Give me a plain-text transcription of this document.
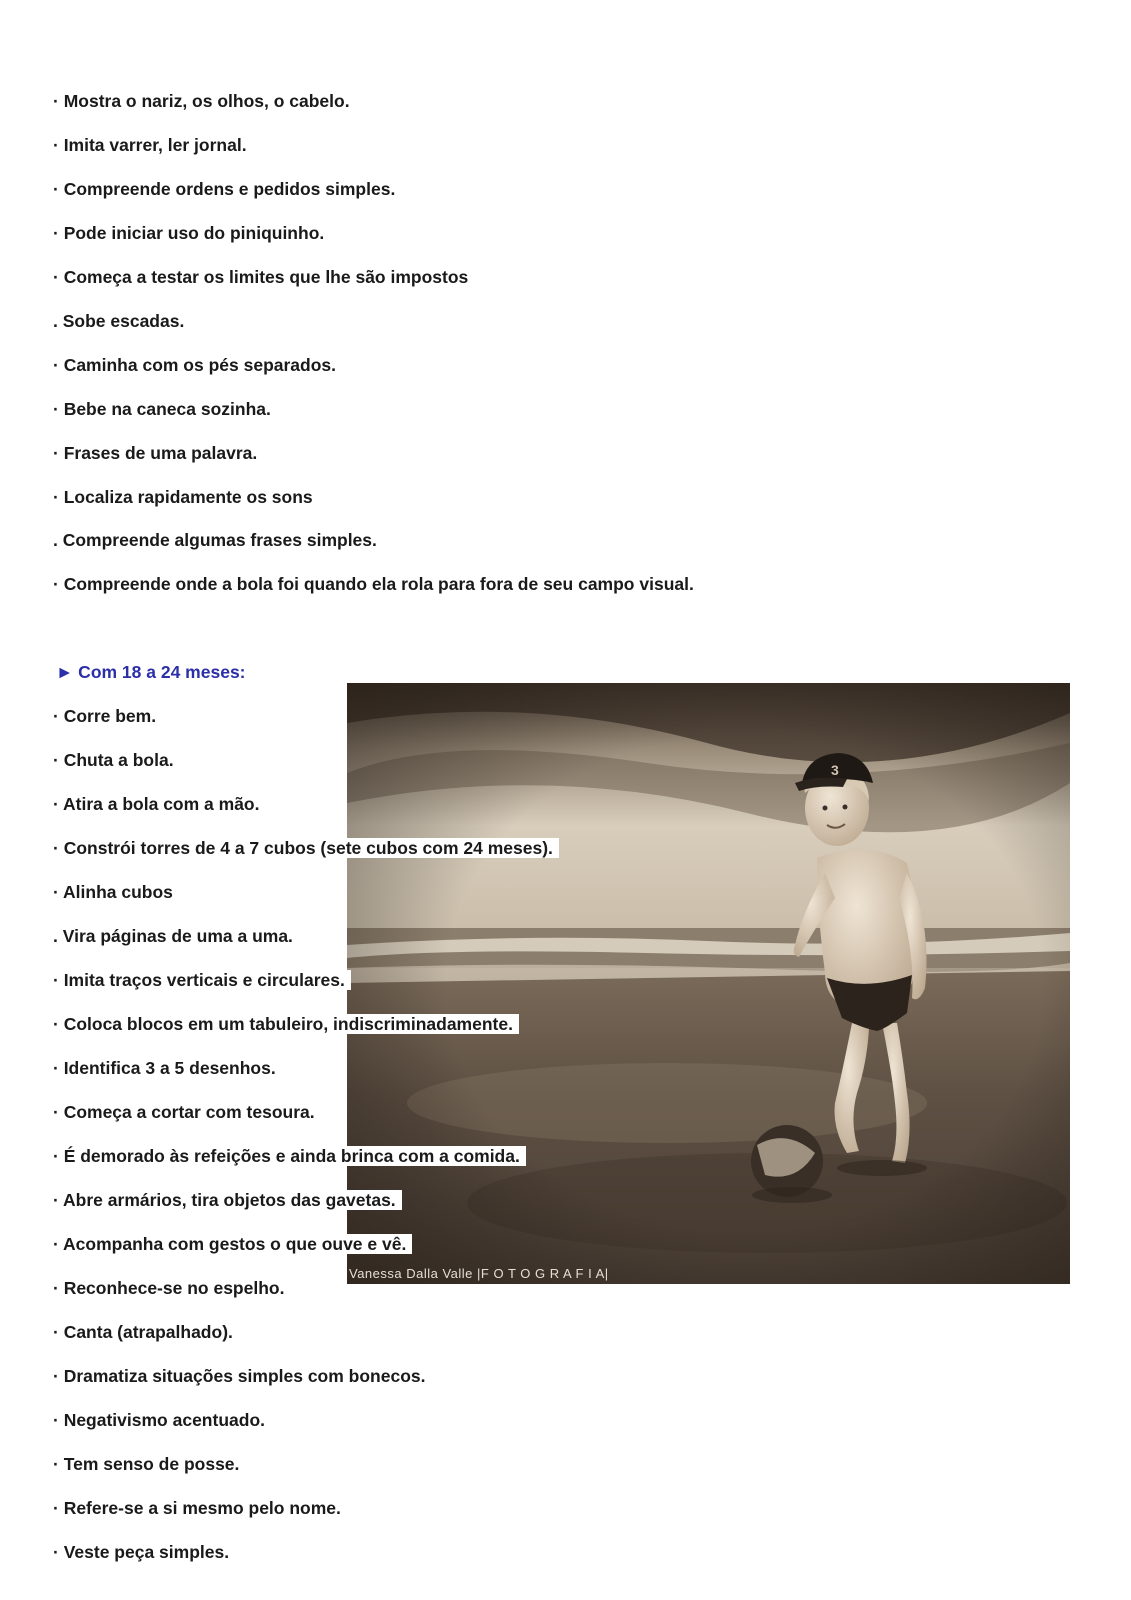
· Mostra o nariz, os olhos, o cabelo.
· Imita varrer, ler jornal.
· Compreende ordens e pedidos simples.
· Pode iniciar uso do piniquinho.
· Começa a testar os limites que lhe são impostos
. Sobe escadas.
· Caminha com os pés separados.
· Bebe na caneca sozinha.
· Frases de uma palavra.
· Localiza rapidamente os sons
. Compreende algumas frases simples.
· Compreende onde a bola foi quando ela rola para fora de seu campo visual.
► Com 18 a 24 meses:
Vanessa Dalla Valle |F O T O G R A F I A|
· Corre bem.
· Chuta a bola.
· Atira a bola com a mão.
· Constrói torres de 4 a 7 cubos (sete cubos com 24 meses).
· Alinha cubos
. Vira páginas de uma a uma.
· Imita traços verticais e circulares.
· Coloca blocos em um tabuleiro, indiscriminadamente.
· Identifica 3 a 5 desenhos.
· Começa a cortar com tesoura.
· É demorado às refeições e ainda brinca com a comida.
· Abre armários, tira objetos das gavetas.
· Acompanha com gestos o que ouve e vê.
· Reconhece-se no espelho.
· Canta (atrapalhado).
· Dramatiza situações simples com bonecos.
· Negativismo acentuado.
· Tem senso de posse.
· Refere-se a si mesmo pelo nome.
· Veste peça simples.
